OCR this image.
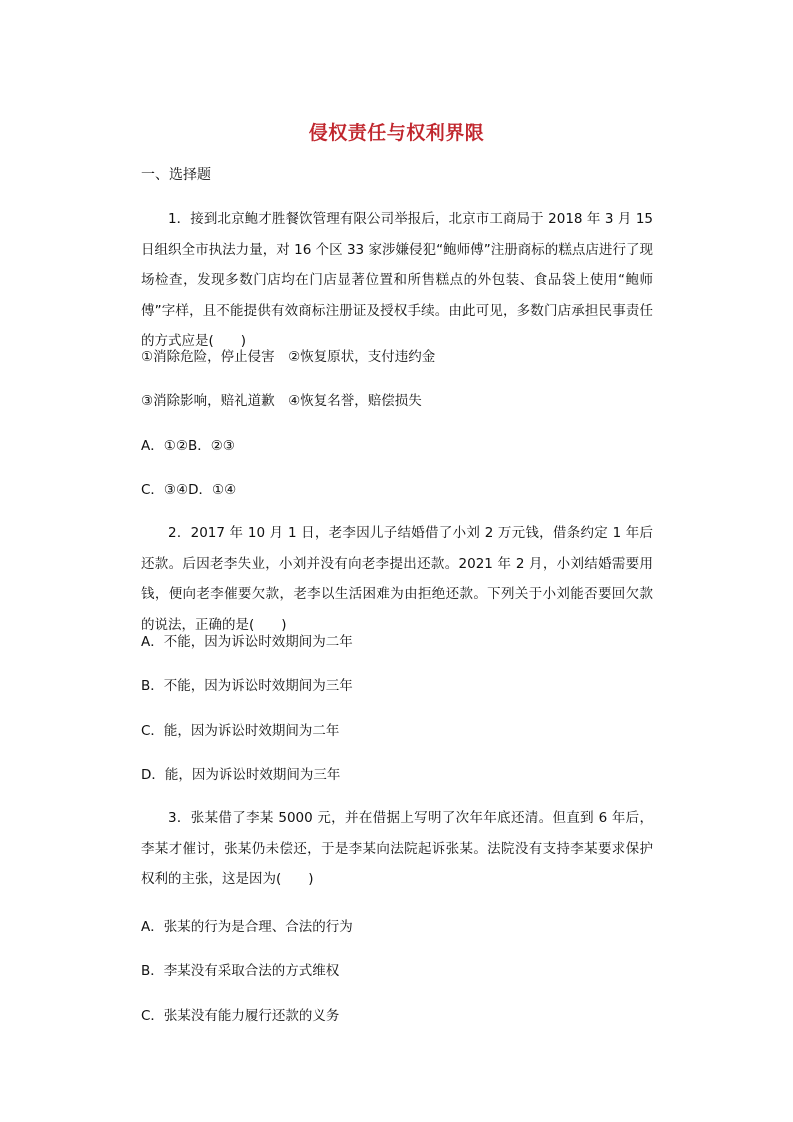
侵权责任与权利界限
一、选择题
1．接到北京鲍才胜餐饮管理有限公司举报后，北京市工商局于 2018 年 3 月 15 日组织全市执法力量，对 16 个区 33 家涉嫌侵犯“鲍师傅”注册商标的糕点店进行了现场检查，发现多数门店均在门店显著位置和所售糕点的外包装、食品袋上使用“鲍师傅”字样，且不能提供有效商标注册证及授权手续。由此可见，多数门店承担民事责任的方式应是(　　)
①消除危险，停止侵害　②恢复原状，支付违约金
③消除影响，赔礼道歉　④恢复名誉，赔偿损失
A．①②B．②③
C．③④D．①④
2．2017 年 10 月 1 日，老李因儿子结婚借了小刘 2 万元钱，借条约定 1 年后还款。后因老李失业，小刘并没有向老李提出还款。2021 年 2 月，小刘结婚需要用钱，便向老李催要欠款，老李以生活困难为由拒绝还款。下列关于小刘能否要回欠款的说法，正确的是(　　)
A．不能，因为诉讼时效期间为二年
B．不能，因为诉讼时效期间为三年
C．能，因为诉讼时效期间为二年
D．能，因为诉讼时效期间为三年
3．张某借了李某 5000 元，并在借据上写明了次年年底还清。但直到 6 年后，李某才催讨，张某仍未偿还，于是李某向法院起诉张某。法院没有支持李某要求保护权利的主张，这是因为(　　)
A．张某的行为是合理、合法的行为
B．李某没有采取合法的方式维权
C．张某没有能力履行还款的义务
